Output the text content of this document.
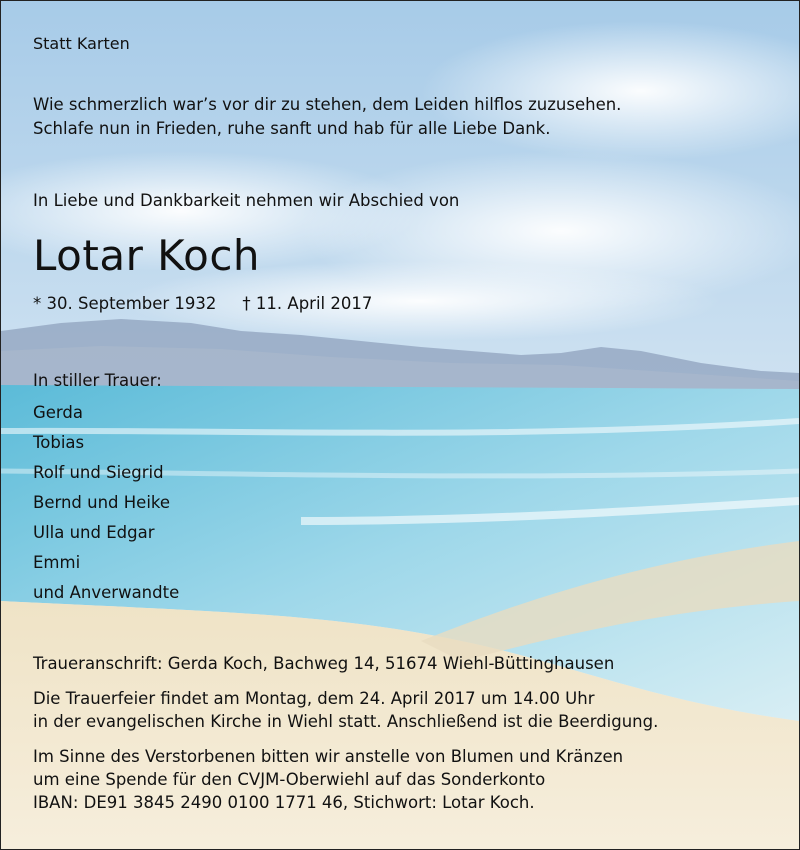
Statt Karten

Wie schmerzlich war’s vor dir zu stehen, dem Leiden hilflos zuzusehen.

Schlafe nun in Frieden, ruhe sanft und hab für alle Liebe Dank.

In Liebe und Dankbarkeit nehmen wir Abschied von

Lotar Koch

* 30. September 1932 † 11. April 2017

In stiller Trauer:

Gerda

Tobias

Rolf und Siegrid

Bernd und Heike

Ulla und Edgar

Emmi

und Anverwandte

Traueranschrift: Gerda Koch, Bachweg 14, 51674 Wiehl-Büttinghausen

Die Trauerfeier findet am Montag, dem 24. April 2017 um 14.00 Uhr

in der evangelischen Kirche in Wiehl statt. Anschließend ist die Beerdigung.

Im Sinne des Verstorbenen bitten wir anstelle von Blumen und Kränzen

um eine Spende für den CVJM-Oberwiehl auf das Sonderkonto

IBAN: DE91 3845 2490 0100 1771 46, Stichwort: Lotar Koch.
